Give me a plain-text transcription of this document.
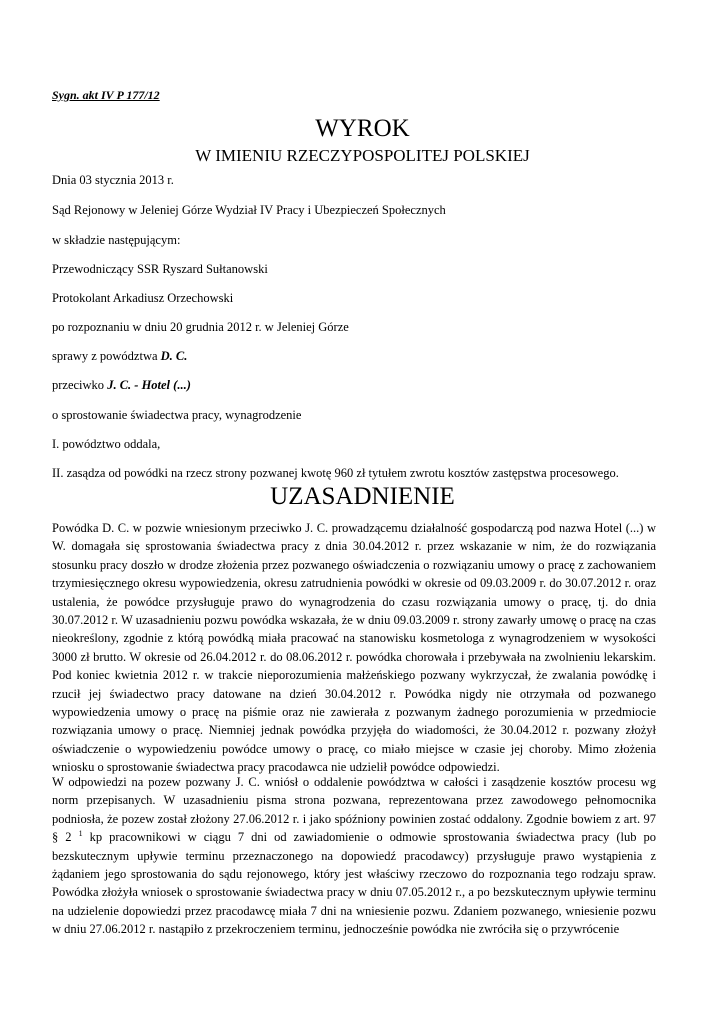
Sygn. akt IV P 177/12
WYROK
W IMIENIU RZECZYPOSPOLITEJ POLSKIEJ
Dnia 03 stycznia 2013 r.
Sąd Rejonowy w Jeleniej Górze Wydział IV Pracy i Ubezpieczeń Społecznych
w składzie następującym:
Przewodniczący SSR Ryszard Sułtanowski
Protokolant Arkadiusz Orzechowski
po rozpoznaniu w dniu 20 grudnia 2012 r. w Jeleniej Górze
sprawy z powództwa D. C.
przeciwko J. C. - Hotel (...)
o sprostowanie świadectwa pracy, wynagrodzenie
I. powództwo oddala,
II. zasądza od powódki na rzecz strony pozwanej kwotę 960 zł tytułem zwrotu kosztów zastępstwa procesowego.
UZASADNIENIE

Powódka D. C. w pozwie wniesionym przeciwko J. C. prowadzącemu działalność gospodarczą pod nazwa Hotel (...) w W. domagała się sprostowania świadectwa pracy z dnia 30.04.2012 r. przez wskazanie w nim, że do rozwiązania stosunku pracy doszło w drodze złożenia przez pozwanego oświadczenia o rozwiązaniu umowy o pracę z zachowaniem trzymiesięcznego okresu wypowiedzenia, okresu zatrudnienia powódki w okresie od 09.03.2009 r. do 30.07.2012 r. oraz ustalenia, że powódce przysługuje prawo do wynagrodzenia do czasu rozwiązania umowy o pracę, tj. do dnia 30.07.2012 r. W uzasadnieniu pozwu powódka wskazała, że w dniu 09.03.2009 r. strony zawarły umowę o pracę na czas nieokreślony, zgodnie z którą powódką miała pracować na stanowisku kosmetologa z wynagrodzeniem w wysokości 3000 zł brutto. W okresie od 26.04.2012 r. do 08.06.2012 r. powódka chorowała i przebywała na zwolnieniu lekarskim. Pod koniec kwietnia 2012 r. w trakcie nieporozumienia małżeńskiego pozwany wykrzyczał, że zwalania powódkę i rzucił jej świadectwo pracy datowane na dzień 30.04.2012 r. Powódka nigdy nie otrzymała od pozwanego wypowiedzenia umowy o pracę na piśmie oraz nie zawierała z pozwanym żadnego porozumienia w przedmiocie rozwiązania umowy o pracę. Niemniej jednak powódka przyjęła do wiadomości, że 30.04.2012 r. pozwany złożył oświadczenie o wypowiedzeniu powódce umowy o pracę, co miało miejsce w czasie jej choroby. Mimo złożenia wniosku o sprostowanie świadectwa pracy pracodawca nie udzielił powódce odpowiedzi.

W odpowiedzi na pozew pozwany J. C. wniósł o oddalenie powództwa w całości i zasądzenie kosztów procesu wg norm przepisanych. W uzasadnieniu pisma strona pozwana, reprezentowana przez zawodowego pełnomocnika podniosła, że pozew został złożony 27.06.2012 r. i jako spóźniony powinien zostać oddalony. Zgodnie bowiem z art. 97 § 2 $^1$ kp pracownikowi w ciągu 7 dni od zawiadomienie o odmowie sprostowania świadectwa pracy (lub po bezskutecznym upływie terminu przeznaczonego na dopowiedź pracodawcy) przysługuje prawo wystąpienia z żądaniem jego sprostowania do sądu rejonowego, który jest właściwy rzeczowo do rozpoznania tego rodzaju spraw. Powódka złożyła wniosek o sprostowanie świadectwa pracy w dniu 07.05.2012 r., a po bezskutecznym upływie terminu na udzielenie dopowiedzi przez pracodawcę miała 7 dni na wniesienie pozwu. Zdaniem pozwanego, wniesienie pozwu w dniu 27.06.2012 r. nastąpiło z przekroczeniem terminu, jednocześnie powódka nie zwróciła się o przywrócenie
